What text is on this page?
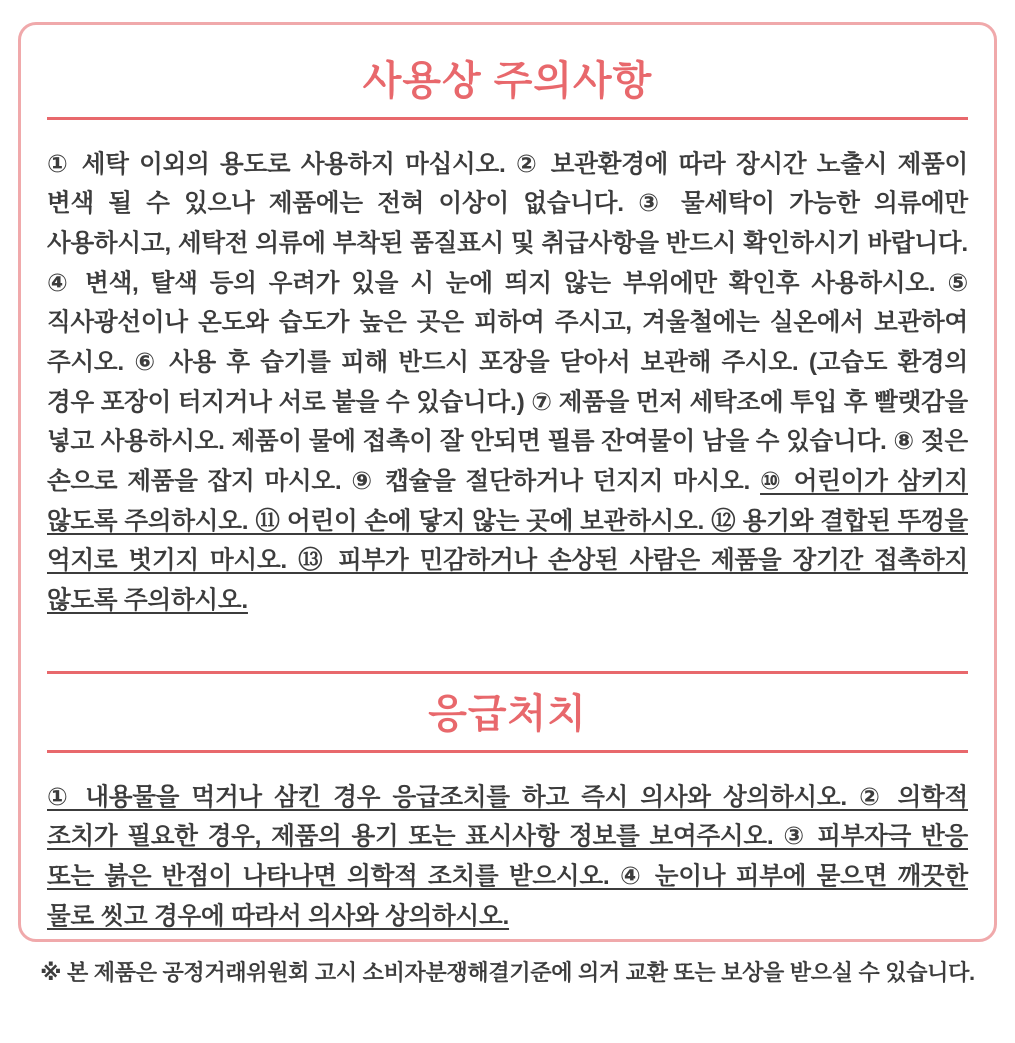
사용상 주의사항

① 세탁 이외의 용도로 사용하지 마십시오. ② 보관환경에 따라 장시간 노출시 제품이 변색 될 수 있으나 제품에는 전혀 이상이 없습니다. ③ 물세탁이 가능한 의류에만 사용하시고, 세탁전 의류에 부착된 품질표시 및 취급사항을 반드시 확인하시기 바랍니다. ④ 변색, 탈색 등의 우려가 있을 시 눈에 띄지 않는 부위에만 확인후 사용하시오. ⑤ 직사광선이나 온도와 습도가 높은 곳은 피하여 주시고, 겨울철에는 실온에서 보관하여 주시오. ⑥ 사용 후 습기를 피해 반드시 포장을 닫아서 보관해 주시오. (고습도 환경의 경우 포장이 터지거나 서로 붙을 수 있습니다.) ⑦ 제품을 먼저 세탁조에 투입 후 빨랫감을 넣고 사용하시오. 제품이 물에 접촉이 잘 안되면 필름 잔여물이 남을 수 있습니다. ⑧ 젖은 손으로 제품을 잡지 마시오. ⑨ 캡슐을 절단하거나 던지지 마시오. ⑩ 어린이가 삼키지 않도록 주의하시오. ⑪ 어린이 손에 닿지 않는 곳에 보관하시오. ⑫ 용기와 결합된 뚜껑을 억지로 벗기지 마시오. ⑬ 피부가 민감하거나 손상된 사람은 제품을 장기간 접촉하지 않도록 주의하시오.

응급처치

① 내용물을 먹거나 삼킨 경우 응급조치를 하고 즉시 의사와 상의하시오. ② 의학적 조치가 필요한 경우, 제품의 용기 또는 표시사항 정보를 보여주시오. ③ 피부자극 반응 또는 붉은 반점이 나타나면 의학적 조치를 받으시오. ④ 눈이나 피부에 묻으면 깨끗한 물로 씻고 경우에 따라서 의사와 상의하시오.

※ 본 제품은 공정거래위원회 고시 소비자분쟁해결기준에 의거 교환 또는 보상을 받으실 수 있습니다.
